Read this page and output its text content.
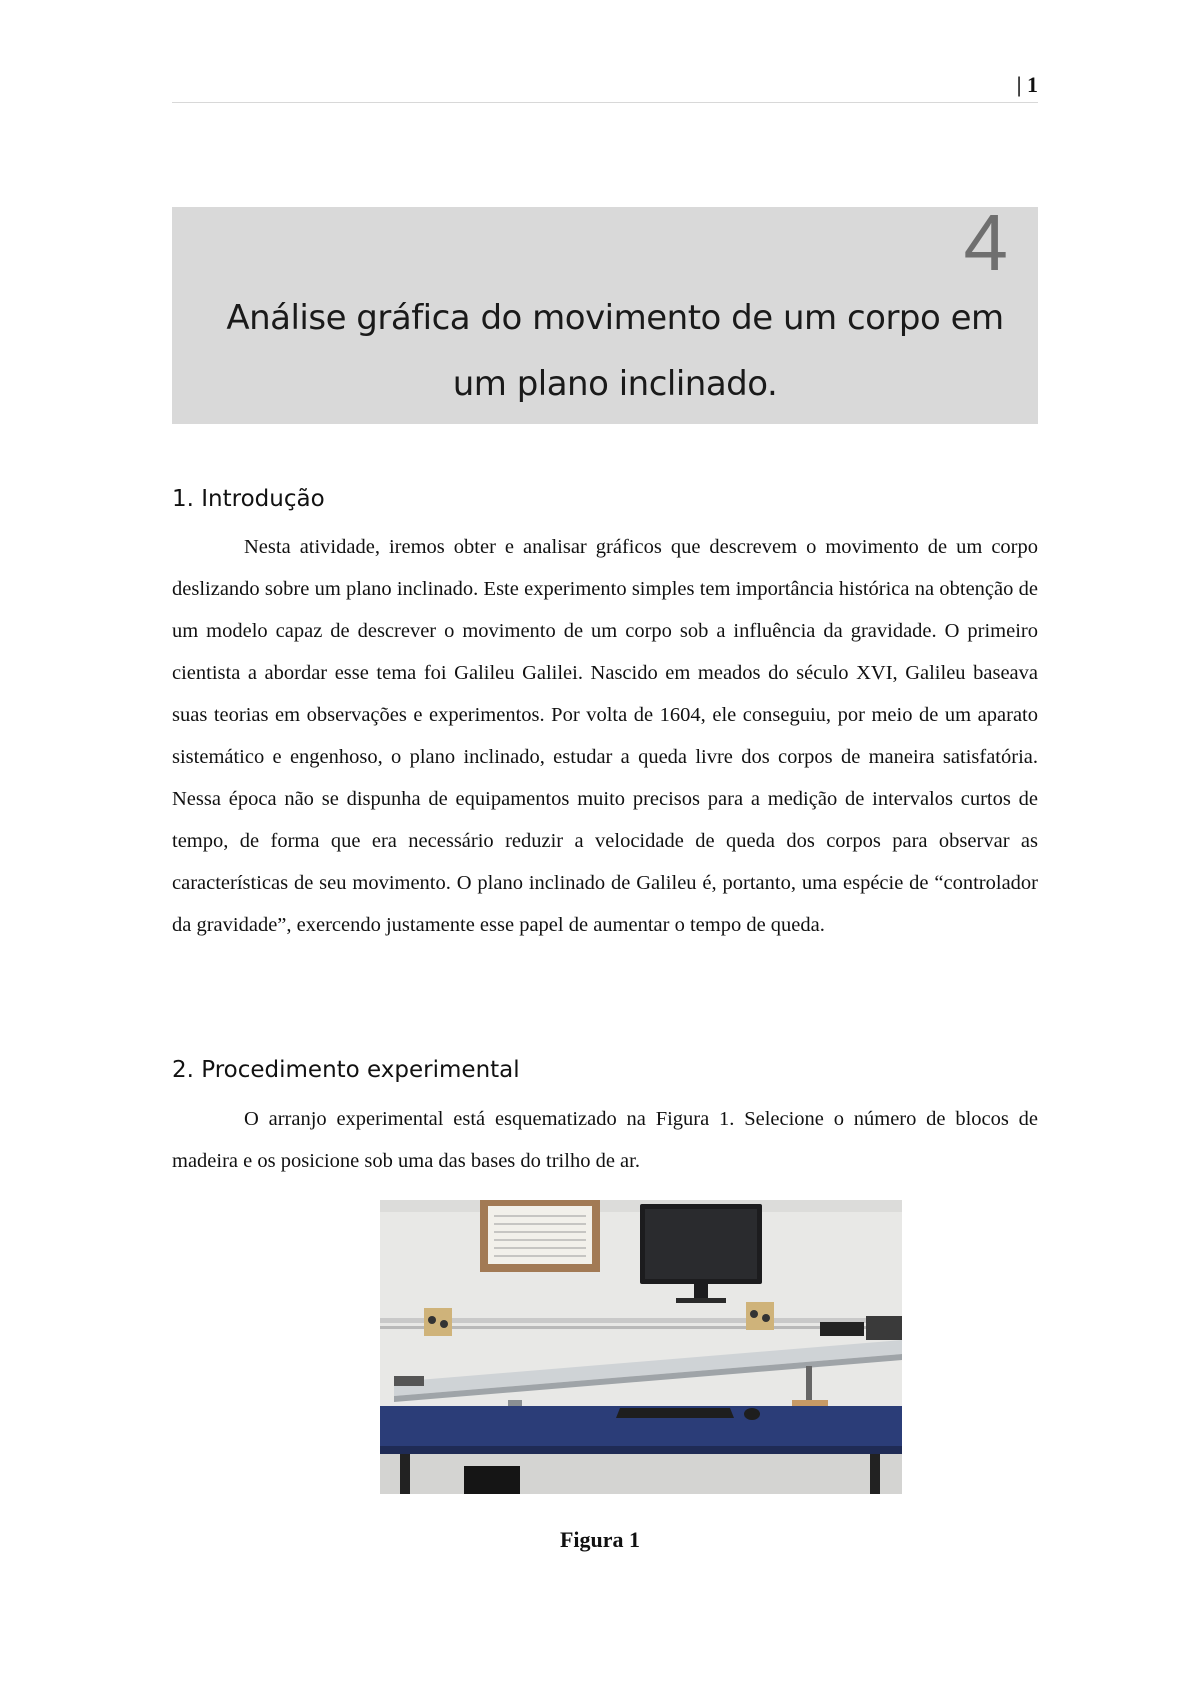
| 1
4
Análise gráfica do movimento de um corpo em um plano inclinado.
1. Introdução

Nesta atividade, iremos obter e analisar gráficos que descrevem o movimento de um corpo deslizando sobre um plano inclinado. Este experimento simples tem importância histórica na obtenção de um modelo capaz de descrever o movimento de um corpo sob a influência da gravidade. O primeiro cientista a abordar esse tema foi Galileu Galilei. Nascido em meados do século XVI, Galileu baseava suas teorias em observações e experimentos. Por volta de 1604, ele conseguiu, por meio de um aparato sistemático e engenhoso, o plano inclinado, estudar a queda livre dos corpos de maneira satisfatória. Nessa época não se dispunha de equipamentos muito precisos para a medição de intervalos curtos de tempo, de forma que era necessário reduzir a velocidade de queda dos corpos para observar as características de seu movimento. O plano inclinado de Galileu é, portanto, uma espécie de “controlador da gravidade”, exercendo justamente esse papel de aumentar o tempo de queda.

2. Procedimento experimental

O arranjo experimental está esquematizado na Figura 1. Selecione o número de blocos de madeira e os posicione sob uma das bases do trilho de ar.

Figura 1
